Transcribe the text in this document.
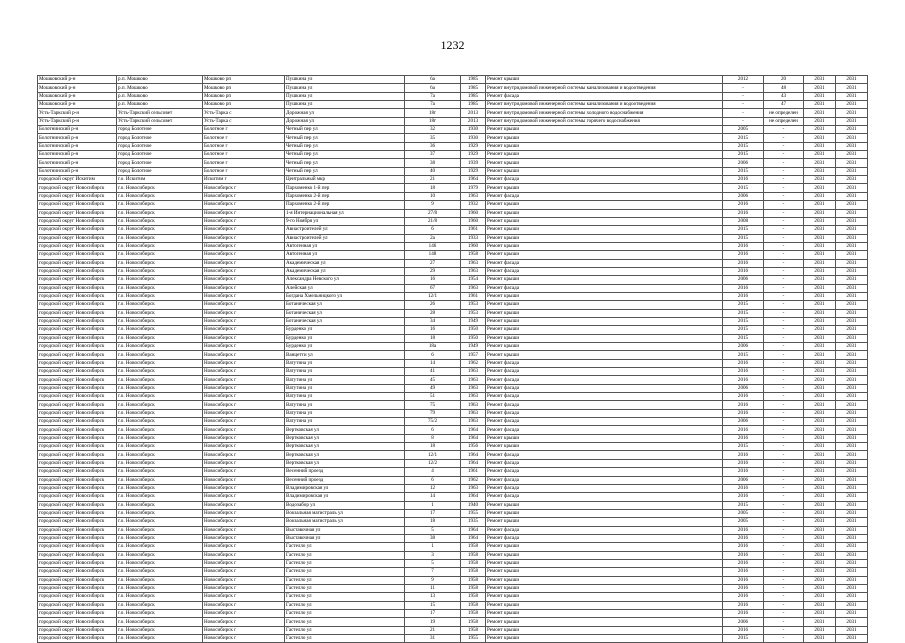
1232
Мошковский р-н	р.п. Мошково	Мошково рп	Пушкина ул	6а	1985	Ремонт крыши	2012	20	2031	2031
Мошковский р-н	р.п. Мошково	Мошково рп	Пушкина ул	6а	1985	Ремонт внутридомовой инженерной системы канализования и водоотведения	-	48	2031	2031
Мошковский р-н	р.п. Мошково	Мошково рп	Пушкина ул	7а	1985	Ремонт фасада	-	43	2031	2031
Мошковский р-н	р.п. Мошково	Мошково рп	Пушкина ул	7а	1985	Ремонт внутридомовой инженерной системы канализования и водоотведения	-	47	2031	2031
Усть-Таркский р-н	Усть-Таркский сельсовет	Усть-Тарка с	Дорожная ул	18г	2013	Ремонт внутридомовой инженерной системы холодного водоснабжения	-	не определен	2031	2031
Усть-Таркский р-н	Усть-Таркский сельсовет	Усть-Тарка с	Дорожная ул	18г	2013	Ремонт внутридомовой инженерной системы горячего водоснабжения	-	не определен	2031	2031
Болотнинский р-н	город Болотное	Болотное г	Четный пер ул	32	1930	Ремонт крыши	2005	-	2031	2031
Болотнинский р-н	город Болотное	Болотное г	Четный пер ул	35	1930	Ремонт крыши	2015	-	2031	2031
Болотнинский р-н	город Болотное	Болотное г	Четный пер ул	36	1929	Ремонт крыши	2015	-	2031	2031
Болотнинский р-н	город Болотное	Болотное г	Четный пер ул	37	1929	Ремонт крыши	2015	-	2031	2031
Болотнинский р-н	город Болотное	Болотное г	Четный пер ул	38	1939	Ремонт крыши	2006	-	2031	2031
Болотнинский р-н	город Болотное	Болотное г	Четный пер ул	40	1929	Ремонт крыши	2015	-	2031	2031
городской округ Искитим	г.о. Искитим	Искитим г	Центральный мкр	21	1964	Ремонт фасада	2016	-	2031	2031
городской округ Новосибирск	г.о. Новосибирск	Новосибирск г	Пархоменко 1-й пер	18	1979	Ремонт крыши	2015	-	2031	2031
городской округ Новосибирск	г.о. Новосибирск	Новосибирск г	Пархоменко 2-й пер	10	1963	Ремонт фасада	2006	-	2031	2031
городской округ Новосибирск	г.о. Новосибирск	Новосибирск г	Пархоменко 2-й пер	9	1932	Ремонт крыши	2016	-	2031	2031
городской округ Новосибирск	г.о. Новосибирск	Новосибирск г	1-я Интернациональная ул	27/8	1960	Ремонт крыши	2016	-	2031	2031
городской округ Новосибирск	г.о. Новосибирск	Новосибирск г	9-го Ноября ул	21/8	1960	Ремонт крыши	2008	-	2031	2031
городской округ Новосибирск	г.о. Новосибирск	Новосибирск г	Авиастроителей ул	6	1961	Ремонт крыши	2015	-	2031	2031
городской округ Новосибирск	г.о. Новосибирск	Новосибирск г	Авиастроителей ул	2а	1933	Ремонт крыши	2015	-	2031	2031
городской округ Новосибирск	г.о. Новосибирск	Новосибирск г	Автогенная ул	146	1960	Ремонт крыши	2016	-	2031	2031
городской округ Новосибирск	г.о. Новосибирск	Новосибирск г	Автогенная ул	148	1958	Ремонт крыши	2016	-	2031	2031
городской округ Новосибирск	г.о. Новосибирск	Новосибирск г	Академическая ул	27	1963	Ремонт фасада	2016	-	2031	2031
городской округ Новосибирск	г.о. Новосибирск	Новосибирск г	Академическая ул	29	1963	Ремонт фасада	2016	-	2031	2031
городской округ Новосибирск	г.о. Новосибирск	Новосибирск г	Александра Невского ул	16	1954	Ремонт крыши	2006	-	2031	2031
городской округ Новосибирск	г.о. Новосибирск	Новосибирск г	Алейская ул	67	1963	Ремонт фасада	2016	-	2031	2031
городской округ Новосибирск	г.о. Новосибирск	Новосибирск г	Богдана Хмельницкого ул	12/1	1961	Ремонт крыши	2016	-	2031	2031
городской округ Новосибирск	г.о. Новосибирск	Новосибирск г	Ботаническая ул	26	1953	Ремонт крыши	2015	-	2031	2031
городской округ Новосибирск	г.о. Новосибирск	Новосибирск г	Ботаническая ул	28	1953	Ремонт крыши	2015	-	2031	2031
городской округ Новосибирск	г.о. Новосибирск	Новосибирск г	Ботаническая ул	34	1949	Ремонт крыши	2015	-	2031	2031
городской округ Новосибирск	г.о. Новосибирск	Новосибирск г	Бурденко ул	16	1950	Ремонт крыши	2015	-	2031	2031
городской округ Новосибирск	г.о. Новосибирск	Новосибирск г	Бурденко ул	18	1950	Ремонт крыши	2015	-	2031	2031
городской округ Новосибирск	г.о. Новосибирск	Новосибирск г	Бурденко ул	18а	1949	Ремонт крыши	2006	-	2031	2031
городской округ Новосибирск	г.о. Новосибирск	Новосибирск г	Ванцетти ул	6	1957	Ремонт крыши	2015	-	2031	2031
городской округ Новосибирск	г.о. Новосибирск	Новосибирск г	Ватутина ул	14	1962	Ремонт фасада	2016	-	2031	2031
городской округ Новосибирск	г.о. Новосибирск	Новосибирск г	Ватутина ул	41	1963	Ремонт фасада	2016	-	2031	2031
городской округ Новосибирск	г.о. Новосибирск	Новосибирск г	Ватутина ул	45	1963	Ремонт фасада	2016	-	2031	2031
городской округ Новосибирск	г.о. Новосибирск	Новосибирск г	Ватутина ул	49	1963	Ремонт фасада	2006	-	2031	2031
городской округ Новосибирск	г.о. Новосибирск	Новосибирск г	Ватутина ул	51	1963	Ремонт фасада	2016	-	2031	2031
городской округ Новосибирск	г.о. Новосибирск	Новосибирск г	Ватутина ул	75	1963	Ремонт фасада	2016	-	2031	2031
городской округ Новосибирск	г.о. Новосибирск	Новосибирск г	Ватутина ул	79	1963	Ремонт фасада	2016	-	2031	2031
городской округ Новосибирск	г.о. Новосибирск	Новосибирск г	Ватутина ул	75/2	1963	Ремонт фасада	2006	-	2031	2031
городской округ Новосибирск	г.о. Новосибирск	Новосибирск г	Вертковская ул	6	1964	Ремонт фасада	2016	-	2031	2031
городской округ Новосибирск	г.о. Новосибирск	Новосибирск г	Вертковская ул	8	1964	Ремонт крыши	2016	-	2031	2031
городской округ Новосибирск	г.о. Новосибирск	Новосибирск г	Вертковская ул	18	1956	Ремонт крыши	2015	-	2031	2031
городской округ Новосибирск	г.о. Новосибирск	Новосибирск г	Вертковская ул	12/1	1964	Ремонт фасада	2016	-	2031	2031
городской округ Новосибирск	г.о. Новосибирск	Новосибирск г	Вертковская ул	12/2	1964	Ремонт фасада	2016	-	2031	2031
городской округ Новосибирск	г.о. Новосибирск	Новосибирск г	Весенний проезд	4	1961	Ремонт фасада	2016	-	2031	2031
городской округ Новосибирск	г.о. Новосибирск	Новосибирск г	Весенний проезд	6	1962	Ремонт фасада	2006	-	2031	2031
городской округ Новосибирск	г.о. Новосибирск	Новосибирск г	Владимировская ул	12	1963	Ремонт фасада	2016	-	2031	2031
городской округ Новосибирск	г.о. Новосибирск	Новосибирск г	Владимировская ул	14	1964	Ремонт фасада	2016	-	2031	2031
городской округ Новосибирск	г.о. Новосибирск	Новосибирск г	Водозабор ул	1	1940	Ремонт крыши	2015	-	2031	2031
городской округ Новосибирск	г.о. Новосибирск	Новосибирск г	Вокзальная магистраль ул	17	1955	Ремонт крыши	2005	-	2031	2031
городской округ Новосибирск	г.о. Новосибирск	Новосибирск г	Вокзальная магистраль ул	18	1935	Ремонт крыши	2005	-	2031	2031
городской округ Новосибирск	г.о. Новосибирск	Новосибирск г	Выставочная ул	5	1964	Ремонт фасада	2016	-	2031	2031
городской округ Новосибирск	г.о. Новосибирск	Новосибирск г	Выставочная ул	38	1964	Ремонт фасада	2016	-	2031	2031
городской округ Новосибирск	г.о. Новосибирск	Новосибирск г	Гастелло ул	1	1958	Ремонт крыши	2016	-	2031	2031
городской округ Новосибирск	г.о. Новосибирск	Новосибирск г	Гастелло ул	3	1958	Ремонт крыши	2016	-	2031	2031
городской округ Новосибирск	г.о. Новосибирск	Новосибирск г	Гастелло ул	5	1958	Ремонт крыши	2016	-	2031	2031
городской округ Новосибирск	г.о. Новосибирск	Новосибирск г	Гастелло ул	7	1958	Ремонт крыши	2016	-	2031	2031
городской округ Новосибирск	г.о. Новосибирск	Новосибирск г	Гастелло ул	9	1958	Ремонт крыши	2016	-	2031	2031
городской округ Новосибирск	г.о. Новосибирск	Новосибирск г	Гастелло ул	11	1958	Ремонт крыши	2016	-	2031	2031
городской округ Новосибирск	г.о. Новосибирск	Новосибирск г	Гастелло ул	13	1958	Ремонт крыши	2016	-	2031	2031
городской округ Новосибирск	г.о. Новосибирск	Новосибирск г	Гастелло ул	15	1958	Ремонт крыши	2016	-	2031	2031
городской округ Новосибирск	г.о. Новосибирск	Новосибирск г	Гастелло ул	17	1958	Ремонт крыши	2016	-	2031	2031
городской округ Новосибирск	г.о. Новосибирск	Новосибирск г	Гастелло ул	19	1958	Ремонт крыши	2006	-	2031	2031
городской округ Новосибирск	г.о. Новосибирск	Новосибирск г	Гастелло ул	21	1958	Ремонт крыши	2016	-	2031	2031
городской округ Новосибирск	г.о. Новосибирск	Новосибирск г	Гастелло ул	31	1955	Ремонт крыши	2015	-	2031	2031
